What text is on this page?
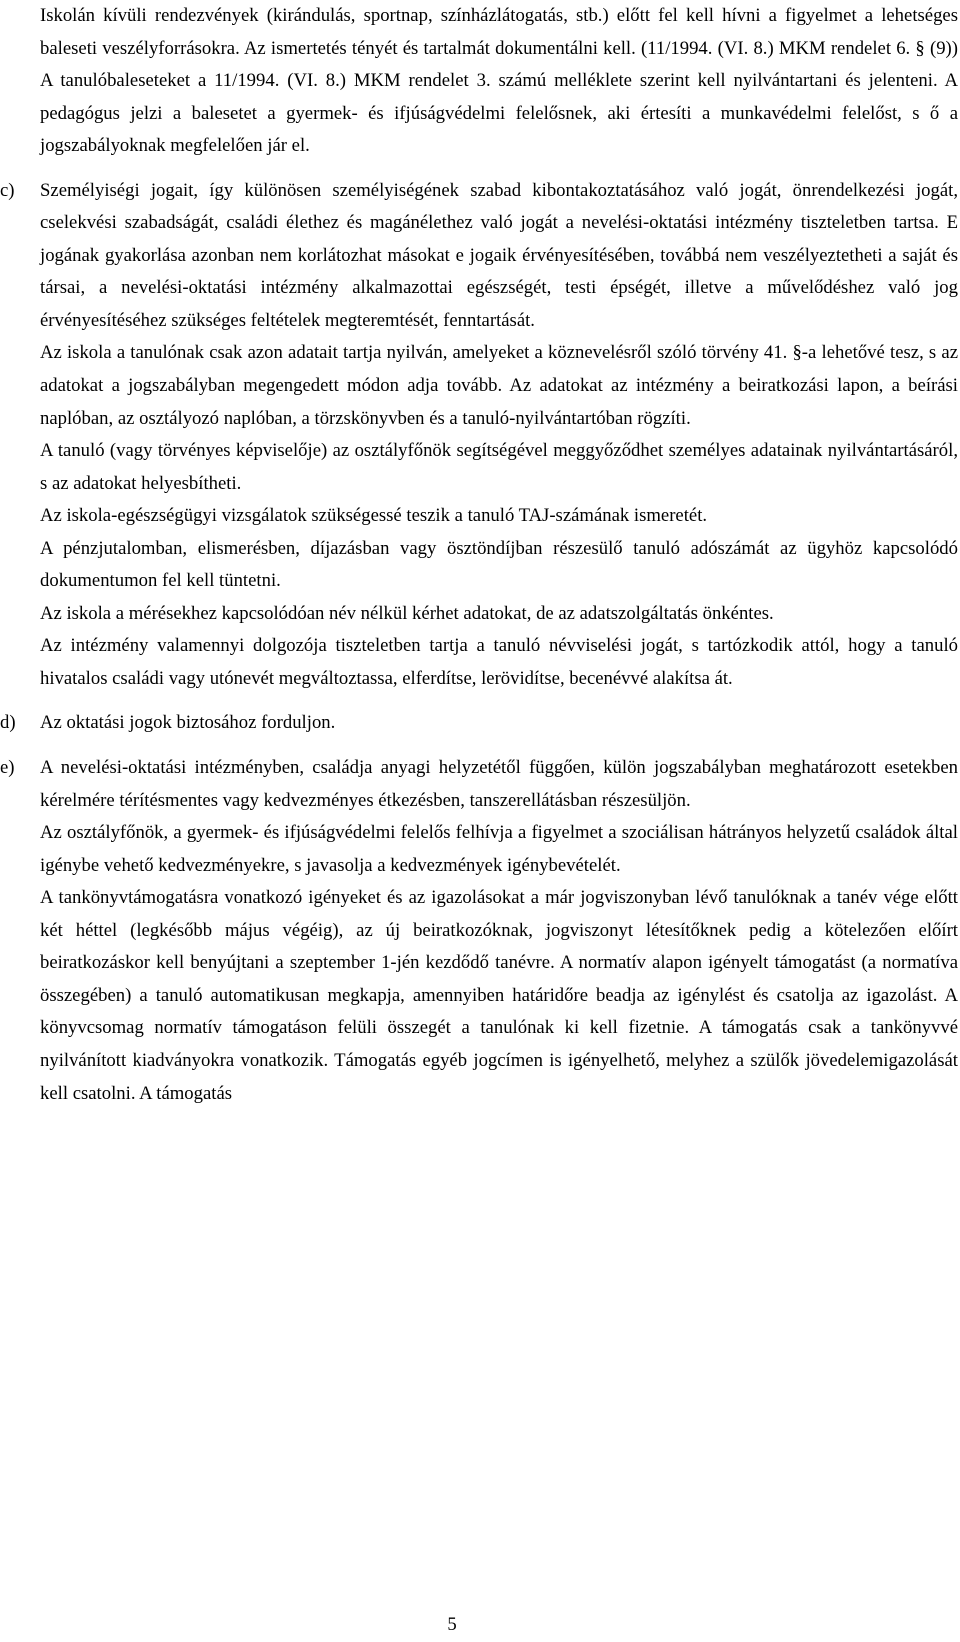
Iskolán kívüli rendezvények (kirándulás, sportnap, színházlátogatás, stb.) előtt fel kell hívni a figyelmet a lehetséges baleseti veszélyforrásokra. Az ismertetés tényét és tartalmát dokumentálni kell. (11/1994. (VI. 8.) MKM rendelet 6. § (9)) A tanulóbaleseteket a 11/1994. (VI. 8.) MKM rendelet 3. számú melléklete szerint kell nyilvántartani és jelenteni. A pedagógus jelzi a balesetet a gyermek- és ifjúságvédelmi felelősnek, aki értesíti a munkavédelmi felelőst, s ő a jogszabályoknak megfelelően jár el.

c) Személyiségi jogait, így különösen személyiségének szabad kibontakoztatásához való jogát, önrendelkezési jogát, cselekvési szabadságát, családi élethez és magánélethez való jogát a nevelési-oktatási intézmény tiszteletben tartsa. E jogának gyakorlása azonban nem korlátozhat másokat e jogaik érvényesítésében, továbbá nem veszélyeztetheti a saját és társai, a nevelési-oktatási intézmény alkalmazottai egészségét, testi épségét, illetve a művelődéshez való jog érvényesítéséhez szükséges feltételek megteremtését, fenntartását.

Az iskola a tanulónak csak azon adatait tartja nyilván, amelyeket a köznevelésről szóló törvény 41. §-a lehetővé tesz, s az adatokat a jogszabályban megengedett módon adja tovább. Az adatokat az intézmény a beiratkozási lapon, a beírási naplóban, az osztályozó naplóban, a törzskönyvben és a tanuló-nyilvántartóban rögzíti.

A tanuló (vagy törvényes képviselője) az osztályfőnök segítségével meggyőződhet személyes adatainak nyilvántartásáról, s az adatokat helyesbítheti.

Az iskola-egészségügyi vizsgálatok szükségessé teszik a tanuló TAJ-számának ismeretét.

A pénzjutalomban, elismerésben, díjazásban vagy ösztöndíjban részesülő tanuló adószámát az ügyhöz kapcsolódó dokumentumon fel kell tüntetni.

Az iskola a mérésekhez kapcsolódóan név nélkül kérhet adatokat, de az adatszolgáltatás önkéntes.

Az intézmény valamennyi dolgozója tiszteletben tartja a tanuló névviselési jogát, s tartózkodik attól, hogy a tanuló hivatalos családi vagy utónevét megváltoztassa, elferdítse, lerövidítse, becenévvé alakítsa át.

d) Az oktatási jogok biztosához forduljon.

e) A nevelési-oktatási intézményben, családja anyagi helyzetétől függően, külön jogszabályban meghatározott esetekben kérelmére térítésmentes vagy kedvezményes étkezésben, tanszerellátásban részesüljön.

Az osztályfőnök, a gyermek- és ifjúságvédelmi felelős felhívja a figyelmet a szociálisan hátrányos helyzetű családok által igénybe vehető kedvezményekre, s javasolja a kedvezmények igénybevételét.

A tankönyvtámogatásra vonatkozó igényeket és az igazolásokat a már jogviszonyban lévő tanulóknak a tanév vége előtt két héttel (legkésőbb május végéig), az új beiratkozóknak, jogviszonyt létesítőknek pedig a kötelezően előírt beiratkozáskor kell benyújtani a szeptember 1-jén kezdődő tanévre. A normatív alapon igényelt támogatást (a normatíva összegében) a tanuló automatikusan megkapja, amennyiben határidőre beadja az igénylést és csatolja az igazolást. A könyvcsomag normatív támogatáson felüli összegét a tanulónak ki kell fizetnie. A támogatás csak a tankönyvvé nyilvánított kiadványokra vonatkozik. Támogatás egyéb jogcímen is igényelhető, melyhez a szülők jövedelemigazolását kell csatolni. A támogatás

5
